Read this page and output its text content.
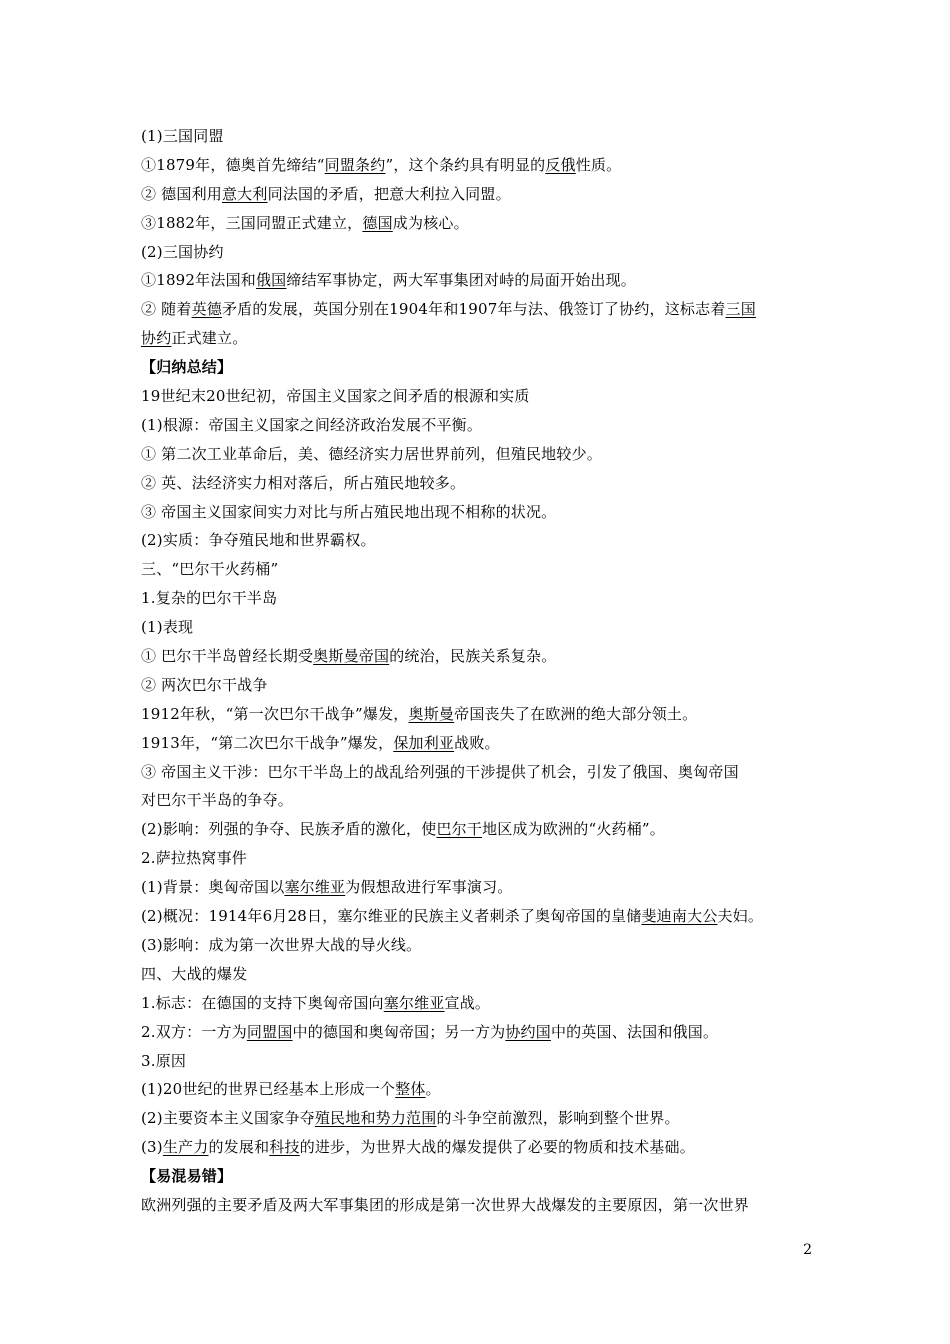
(1)三国同盟
①1879年，德奥首先缔结“同盟条约”，这个条约具有明显的反俄性质。
② 德国利用意大利同法国的矛盾，把意大利拉入同盟。
③1882年，三国同盟正式建立，德国成为核心。
(2)三国协约
①1892年法国和俄国缔结军事协定，两大军事集团对峙的局面开始出现。
② 随着英德矛盾的发展，英国分别在1904年和1907年与法、俄签订了协约，这标志着三国
协约正式建立。
【归纳总结】
19世纪末20世纪初，帝国主义国家之间矛盾的根源和实质
(1)根源：帝国主义国家之间经济政治发展不平衡。
① 第二次工业革命后，美、德经济实力居世界前列，但殖民地较少。
② 英、法经济实力相对落后，所占殖民地较多。
③ 帝国主义国家间实力对比与所占殖民地出现不相称的状况。
(2)实质：争夺殖民地和世界霸权。
三、“巴尔干火药桶”
1.复杂的巴尔干半岛
(1)表现
① 巴尔干半岛曾经长期受奥斯曼帝国的统治，民族关系复杂。
② 两次巴尔干战争
1912年秋，“第一次巴尔干战争”爆发，奥斯曼帝国丧失了在欧洲的绝大部分领土。
1913年，“第二次巴尔干战争”爆发，保加利亚战败。
③ 帝国主义干涉：巴尔干半岛上的战乱给列强的干涉提供了机会，引发了俄国、奥匈帝国
对巴尔干半岛的争夺。
(2)影响：列强的争夺、民族矛盾的激化，使巴尔干地区成为欧洲的“火药桶”。
2.萨拉热窝事件
(1)背景：奥匈帝国以塞尔维亚为假想敌进行军事演习。
(2)概况：1914年6月28日，塞尔维亚的民族主义者刺杀了奥匈帝国的皇储斐迪南大公夫妇。
(3)影响：成为第一次世界大战的导火线。
四、大战的爆发
1.标志：在德国的支持下奥匈帝国向塞尔维亚宣战。
2.双方：一方为同盟国中的德国和奥匈帝国；另一方为协约国中的英国、法国和俄国。
3.原因
(1)20世纪的世界已经基本上形成一个整体。
(2)主要资本主义国家争夺殖民地和势力范围的斗争空前激烈，影响到整个世界。
(3)生产力的发展和科技的进步，为世界大战的爆发提供了必要的物质和技术基础。
【易混易错】
欧洲列强的主要矛盾及两大军事集团的形成是第一次世界大战爆发的主要原因，第一次世界
2
